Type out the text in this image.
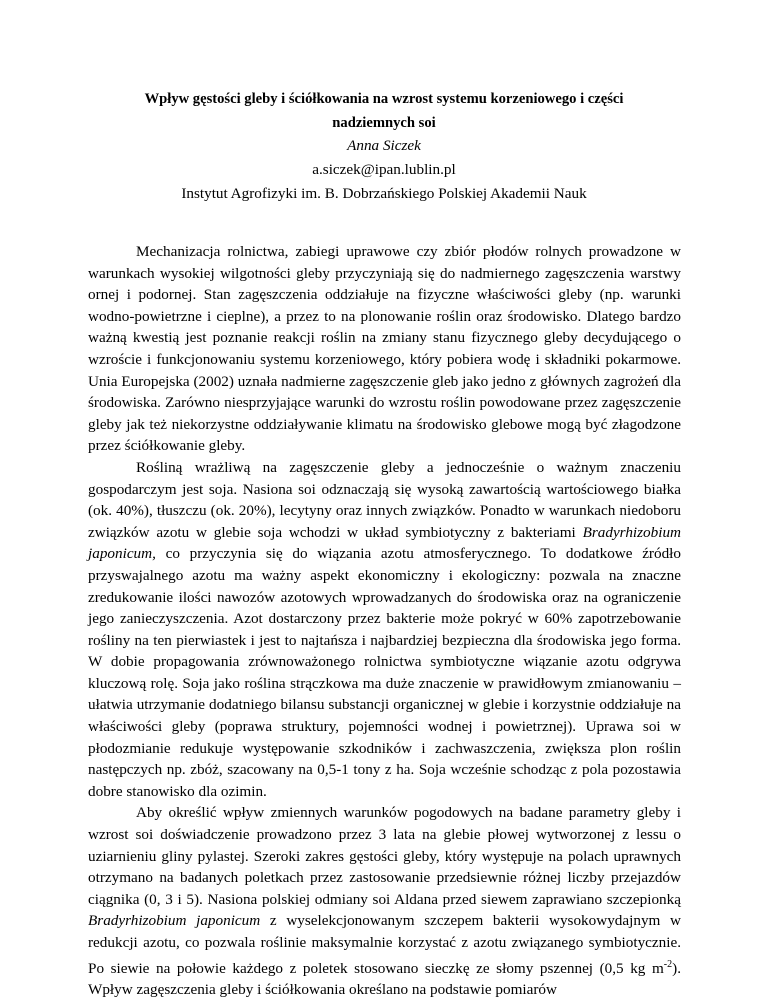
Wpływ gęstości gleby i ściółkowania na wzrost systemu korzeniowego i części
nadziemnych soi
Anna Siczek
a.siczek@ipan.lublin.pl
Instytut Agrofizyki im. B. Dobrzańskiego Polskiej Akademii Nauk

Mechanizacja rolnictwa, zabiegi uprawowe czy zbiór płodów rolnych prowadzone w warunkach wysokiej wilgotności gleby przyczyniają się do nadmiernego zagęszczenia warstwy ornej i podornej. Stan zagęszczenia oddziałuje na fizyczne właściwości gleby (np. warunki wodno-powietrzne i cieplne), a przez to na plonowanie roślin oraz środowisko. Dlatego bardzo ważną kwestią jest poznanie reakcji roślin na zmiany stanu fizycznego gleby decydującego o wzroście i funkcjonowaniu systemu korzeniowego, który pobiera wodę i składniki pokarmowe. Unia Europejska (2002) uznała nadmierne zagęszczenie gleb jako jedno z głównych zagrożeń dla środowiska. Zarówno niesprzyjające warunki do wzrostu roślin powodowane przez zagęszczenie gleby jak też niekorzystne oddziaływanie klimatu na środowisko glebowe mogą być złagodzone przez ściółkowanie gleby.

Rośliną wrażliwą na zagęszczenie gleby a jednocześnie o ważnym znaczeniu gospodarczym jest soja. Nasiona soi odznaczają się wysoką zawartością wartościowego białka (ok. 40%), tłuszczu (ok. 20%), lecytyny oraz innych związków. Ponadto w warunkach niedoboru związków azotu w glebie soja wchodzi w układ symbiotyczny z bakteriami Bradyrhizobium japonicum, co przyczynia się do wiązania azotu atmosferycznego. To dodatkowe źródło przyswajalnego azotu ma ważny aspekt ekonomiczny i ekologiczny: pozwala na znaczne zredukowanie ilości nawozów azotowych wprowadzanych do środowiska oraz na ograniczenie jego zanieczyszczenia. Azot dostarczony przez bakterie może pokryć w 60% zapotrzebowanie rośliny na ten pierwiastek i jest to najtańsza i najbardziej bezpieczna dla środowiska jego forma. W dobie propagowania zrównoważonego rolnictwa symbiotyczne wiązanie azotu odgrywa kluczową rolę. Soja jako roślina strączkowa ma duże znaczenie w prawidłowym zmianowaniu – ułatwia utrzymanie dodatniego bilansu substancji organicznej w glebie i korzystnie oddziałuje na właściwości gleby (poprawa struktury, pojemności wodnej i powietrznej). Uprawa soi w płodozmianie redukuje występowanie szkodników i zachwaszczenia, zwiększa plon roślin następczych np. zbóż, szacowany na 0,5-1 tony z ha. Soja wcześnie schodząc z pola pozostawia dobre stanowisko dla ozimin.

Aby określić wpływ zmiennych warunków pogodowych na badane parametry gleby i wzrost soi doświadczenie prowadzono przez 3 lata na glebie płowej wytworzonej z lessu o uziarnieniu gliny pylastej. Szeroki zakres gęstości gleby, który występuje na polach uprawnych otrzymano na badanych poletkach przez zastosowanie przedsiewnie różnej liczby przejazdów ciągnika (0, 3 i 5). Nasiona polskiej odmiany soi Aldana przed siewem zaprawiano szczepionką Bradyrhizobium japonicum z wyselekcjonowanym szczepem bakterii wysokowydajnym w redukcji azotu, co pozwala roślinie maksymalnie korzystać z azotu związanego symbiotycznie. Po siewie na połowie każdego z poletek stosowano sieczkę ze słomy pszennej (0,5 kg $m^{-2}$). Wpływ zagęszczenia gleby i ściółkowania określano na podstawie pomiarów
